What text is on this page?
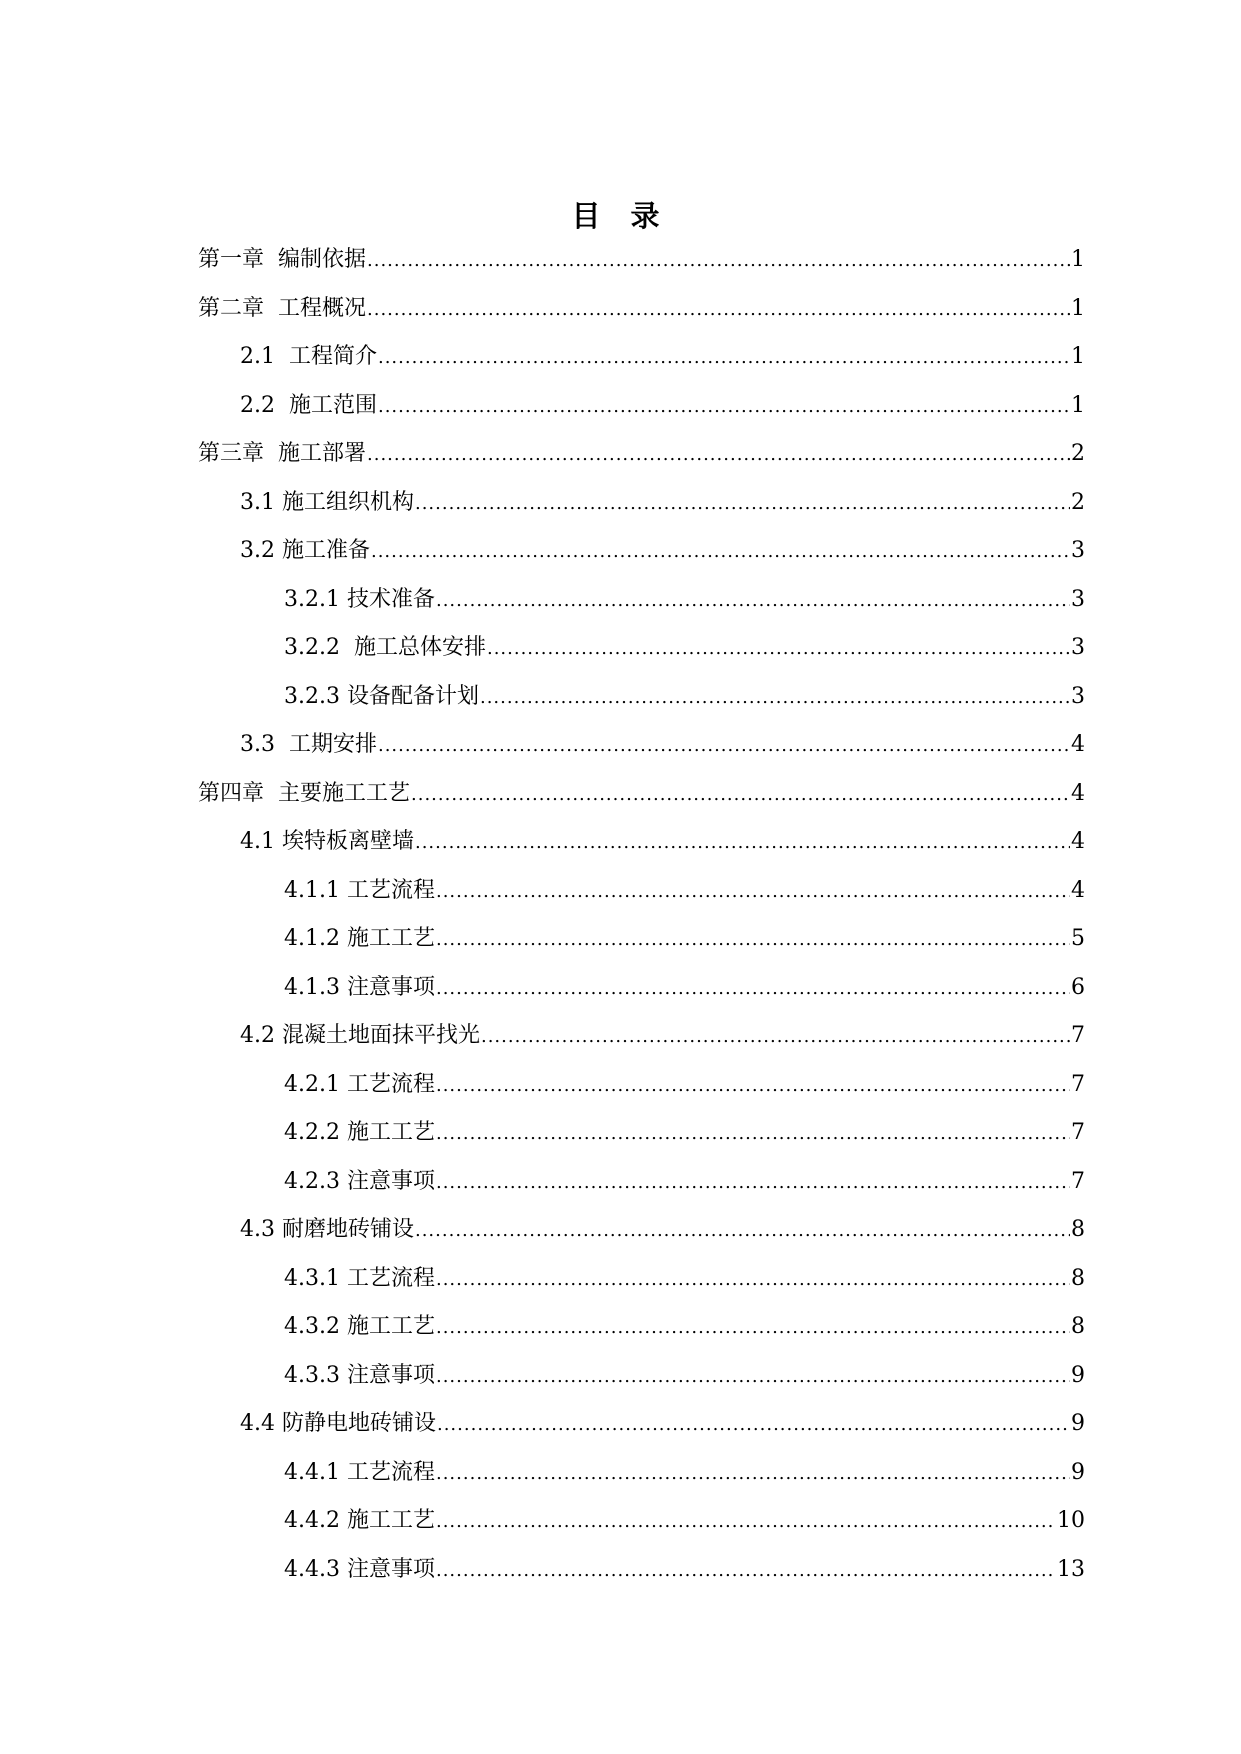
目 录
第一章  编制依据 .....	1
第二章  工程概况 .....	1
2.1  工程简介 .....	1
2.2  施工范围 .....	1
第三章  施工部署 .....	2
3.1 施工组织机构 .....	2
3.2 施工准备 .....	3
3.2.1 技术准备 .....	3
3.2.2  施工总体安排 .....	3
3.2.3 设备配备计划 .....	3
3.3  工期安排 .....	4
第四章  主要施工工艺 .....	4
4.1 埃特板离壁墙 .....	4
4.1.1 工艺流程 .....	4
4.1.2 施工工艺 .....	5
4.1.3 注意事项 .....	6
4.2 混凝土地面抹平找光 .....	7
4.2.1 工艺流程 .....	7
4.2.2 施工工艺 .....	7
4.2.3 注意事项 .....	7
4.3 耐磨地砖铺设 .....	8
4.3.1 工艺流程 .....	8
4.3.2 施工工艺 .....	8
4.3.3 注意事项 .....	9
4.4 防静电地砖铺设 .....	9
4.4.1 工艺流程 .....	9
4.4.2 施工工艺 .....	10
4.4.3 注意事项 .....	13
